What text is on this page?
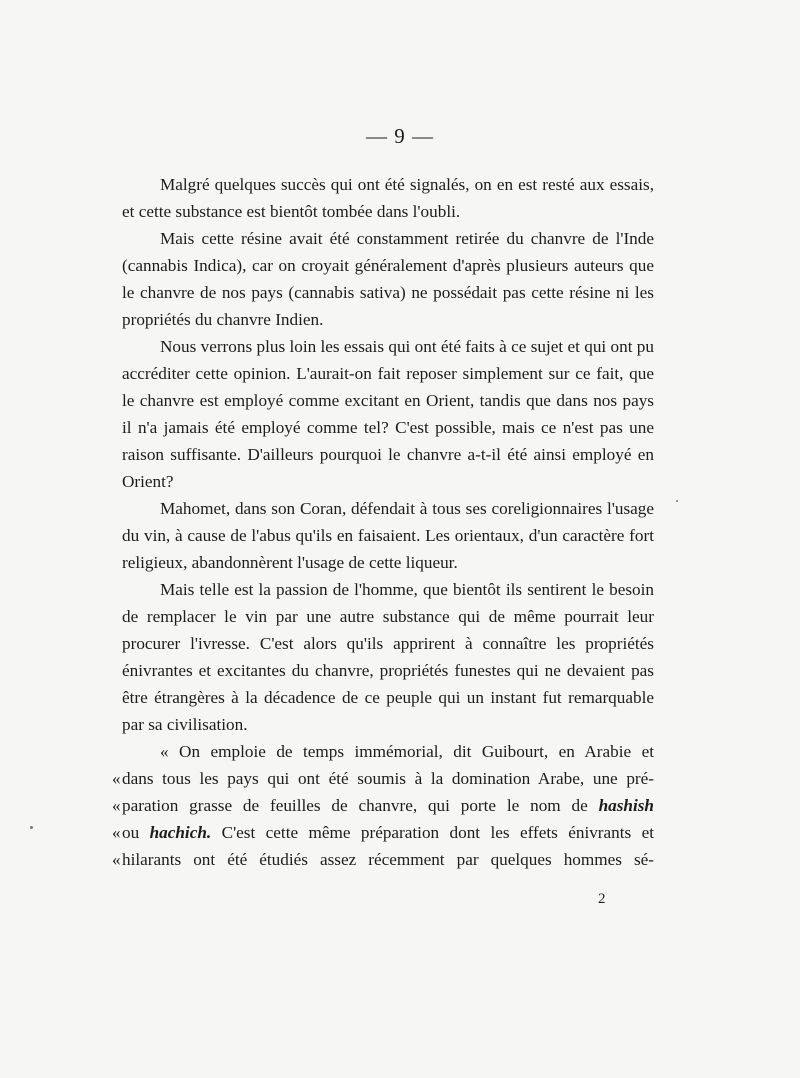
— 9 —

Malgré quelques succès qui ont été signalés, on en est resté aux essais, et cette substance est bientôt tombée dans l'oubli.

Mais cette résine avait été constamment retirée du chanvre de l'Inde (cannabis Indica), car on croyait généralement d'après plusieurs auteurs que le chanvre de nos pays (cannabis sativa) ne possédait pas cette résine ni les propriétés du chanvre Indien.

Nous verrons plus loin les essais qui ont été faits à ce sujet et qui ont pu accréditer cette opinion. L'aurait-on fait reposer simplement sur ce fait, que le chanvre est employé comme excitant en Orient, tandis que dans nos pays il n'a jamais été employé comme tel? C'est possible, mais ce n'est pas une raison suffisante. D'ailleurs pourquoi le chanvre a-t-il été ainsi employé en Orient?

Mahomet, dans son Coran, défendait à tous ses coreligionnaires l'usage du vin, à cause de l'abus qu'ils en faisaient. Les orientaux, d'un caractère fort religieux, abandonnèrent l'usage de cette liqueur.

Mais telle est la passion de l'homme, que bientôt ils sentirent le besoin de remplacer le vin par une autre substance qui de même pourrait leur procurer l'ivresse. C'est alors qu'ils apprirent à connaître les propriétés énivrantes et excitantes du chanvre, propriétés funestes qui ne devaient pas être étrangères à la décadence de ce peuple qui un instant fut remarquable par sa civilisation.

« On emploie de temps immémorial, dit Guibourt, en Arabie et
« dans tous les pays qui ont été soumis à la domination Arabe, une pré-
« paration grasse de feuilles de chanvre, qui porte le nom de hashish
« ou hachich. C'est cette même préparation dont les effets énivrants et
« hilarants ont été étudiés assez récemment par quelques hommes sé-
2
